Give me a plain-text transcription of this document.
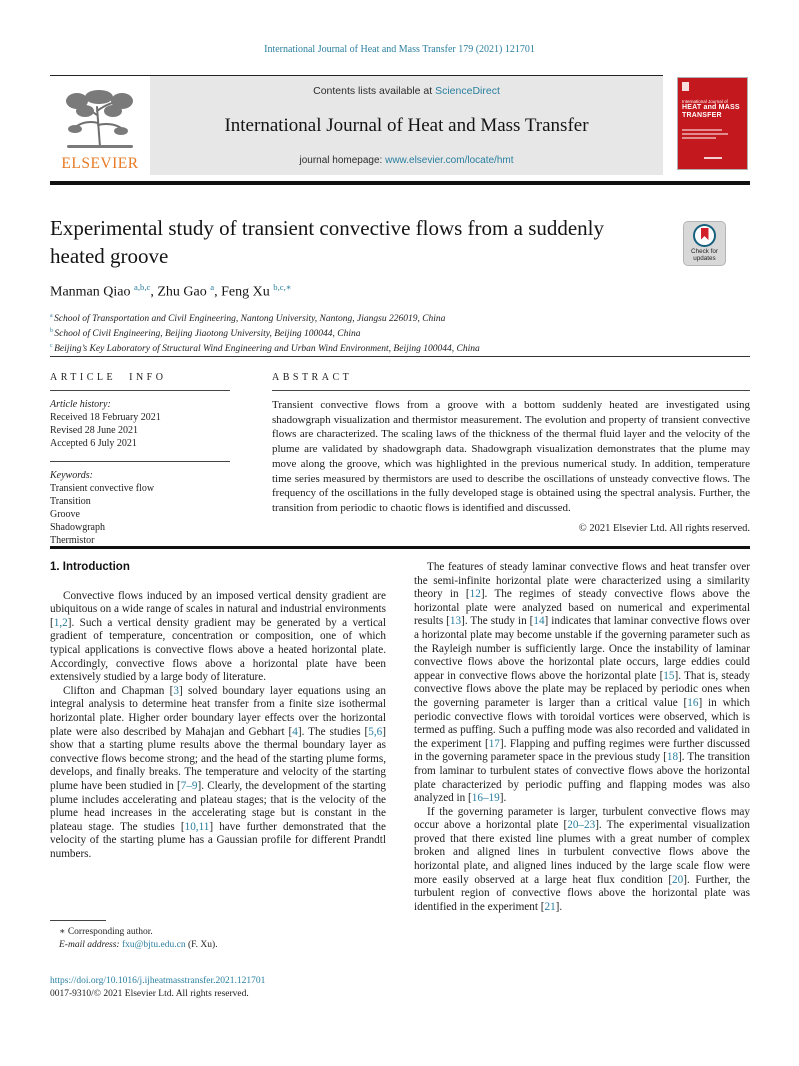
International Journal of Heat and Mass Transfer 179 (2021) 121701
ELSEVIER
Contents lists available at ScienceDirect
International Journal of Heat and Mass Transfer
journal homepage: www.elsevier.com/locate/hmt
International Journal of
HEAT and MASS
TRANSFER
Experimental study of transient convective flows from a suddenly heated groove	Check for updates
Manman Qiao $^{a,b,c}$, Zhu Gao $^a$, Feng Xu $^{b,c,∗}$

$^a$ School of Transportation and Civil Engineering, Nantong University, Nantong, Jiangsu 226019, China

$^b$ School of Civil Engineering, Beijing Jiaotong University, Beijing 100044, China

$^c$ Beijing’s Key Laboratory of Structural Wind Engineering and Urban Wind Environment, Beijing 100044, China

ARTICLE INFO	ABSTRACT
Article history:
Received 18 February 2021
Revised 28 June 2021
Accepted 6 July 2021
Keywords:
Transient convective flow
Transition
Groove
Shadowgraph
Thermistor
Transient convective flows from a groove with a bottom suddenly heated are investigated using shadowgraph visualization and thermistor measurement. The evolution and property of transient convective flows are characterized. The scaling laws of the thickness of the thermal fluid layer and the velocity of the plume are validated by shadowgraph data. Shadowgraph visualization demonstrates that the plume may move along the groove, which was highlighted in the previous numerical study. In addition, temperature time series measured by thermistors are used to describe the oscillations of unsteady convective flows. The frequency of the oscillations in the fully developed stage is obtained using the spectral analysis. Further, the transition from periodic to chaotic flows is identified and discussed.
© 2021 Elsevier Ltd. All rights reserved.
1. Introduction

Convective flows induced by an imposed vertical density gradient are ubiquitous on a wide range of scales in natural and industrial environments [1,2]. Such a vertical density gradient may be generated by a vertical gradient of temperature, concentration or composition, one of which typical applications is convective flows above a heated horizontal plate. Accordingly, convective flows above a horizontal plate have been extensively studied by a large body of literature.

Clifton and Chapman [3] solved boundary layer equations using an integral analysis to determine heat transfer from a finite size isothermal horizontal plate. Higher order boundary layer effects over the horizontal plate were also described by Mahajan and Gebhart [4]. The studies [5,6] show that a starting plume results above the thermal boundary layer as convective flows become strong; and the head of the starting plume forms, develops, and finally breaks. The temperature and velocity of the starting plume have been studied in [7–9]. Clearly, the development of the starting plume includes accelerating and plateau stages; that is the velocity of the plume head increases in the accelerating stage but is constant in the plateau stage. The studies [10,11] have further demonstrated that the velocity of the starting plume has a Gaussian profile for different Prandtl numbers.

The features of steady laminar convective flows and heat transfer over the semi-infinite horizontal plate were characterized using a similarity theory in [12]. The regimes of steady convective flows above the horizontal plate were analyzed based on numerical and experimental results [13]. The study in [14] indicates that laminar convective flows over a horizontal plate may become unstable if the governing parameter such as the Rayleigh number is sufficiently large. Once the instability of laminar convective flows above the horizontal plate occurs, large eddies could appear in convective flows above the horizontal plate [15]. That is, steady convective flows above the plate may be replaced by periodic ones when the governing parameter is larger than a critical value [16] in which periodic convective flows with toroidal vortices were observed, which is termed as puffing. Such a puffing mode was also recorded and validated in the experiment [17]. Flapping and puffing regimes were further discussed in the governing parameter space in the previous study [18]. The transition from laminar to turbulent states of convective flows above the horizontal plate characterized by periodic puffing and flapping modes was also analyzed in [16–19].

If the governing parameter is larger, turbulent convective flows may occur above a horizontal plate [20–23]. The experimental visualization proved that there existed line plumes with a great number of complex broken and aligned lines in turbulent convective flows above the horizontal plate, and aligned lines induced by the large scale flow were more easily observed at a large heat flux condition [20]. Further, the turbulent region of convective flows above the horizontal plate was identified in the experiment [21].

∗ Corresponding author.

E-mail address: fxu@bjtu.edu.cn (F. Xu).

https://doi.org/10.1016/j.ijheatmasstransfer.2021.121701

0017-9310/© 2021 Elsevier Ltd. All rights reserved.
